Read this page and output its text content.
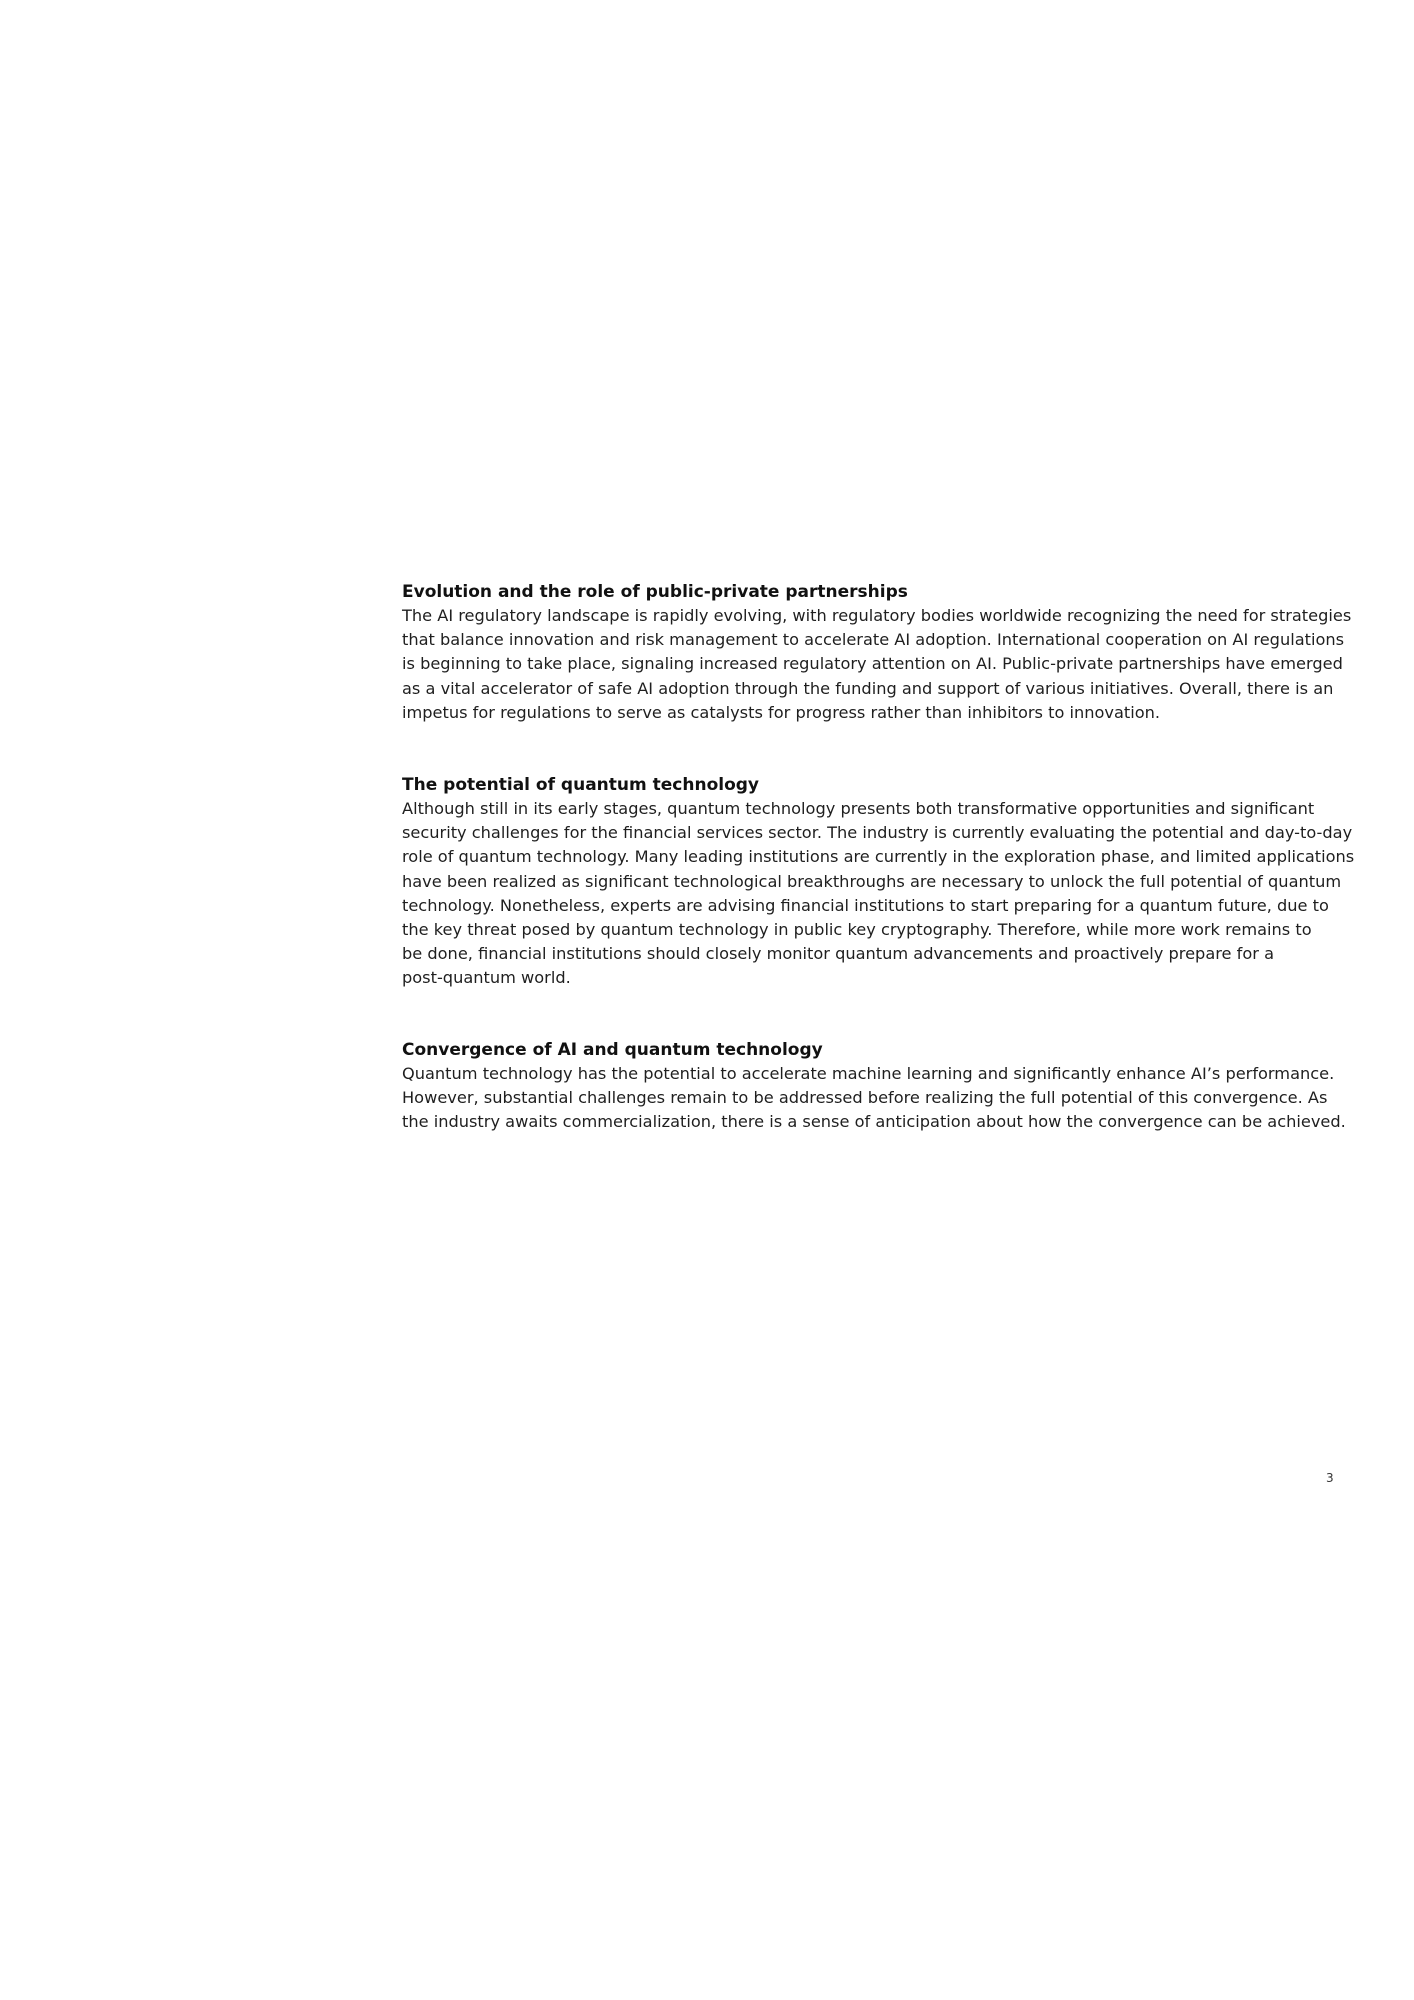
Evolution and the role of public-private partnerships
The AI regulatory landscape is rapidly evolving, with regulatory bodies worldwide recognizing the need for strategies
that balance innovation and risk management to accelerate AI adoption. International cooperation on AI regulations
is beginning to take place, signaling increased regulatory attention on AI. Public-private partnerships have emerged
as a vital accelerator of safe AI adoption through the funding and support of various initiatives. Overall, there is an
impetus for regulations to serve as catalysts for progress rather than inhibitors to innovation.
The potential of quantum technology
Although still in its early stages, quantum technology presents both transformative opportunities and significant
security challenges for the financial services sector. The industry is currently evaluating the potential and day-to-day
role of quantum technology. Many leading institutions are currently in the exploration phase, and limited applications
have been realized as significant technological breakthroughs are necessary to unlock the full potential of quantum
technology. Nonetheless, experts are advising financial institutions to start preparing for a quantum future, due to
the key threat posed by quantum technology in public key cryptography. Therefore, while more work remains to
be done, financial institutions should closely monitor quantum advancements and proactively prepare for a
post-quantum world.
Convergence of AI and quantum technology
Quantum technology has the potential to accelerate machine learning and significantly enhance AI’s performance.
However, substantial challenges remain to be addressed before realizing the full potential of this convergence. As
the industry awaits commercialization, there is a sense of anticipation about how the convergence can be achieved.
3
